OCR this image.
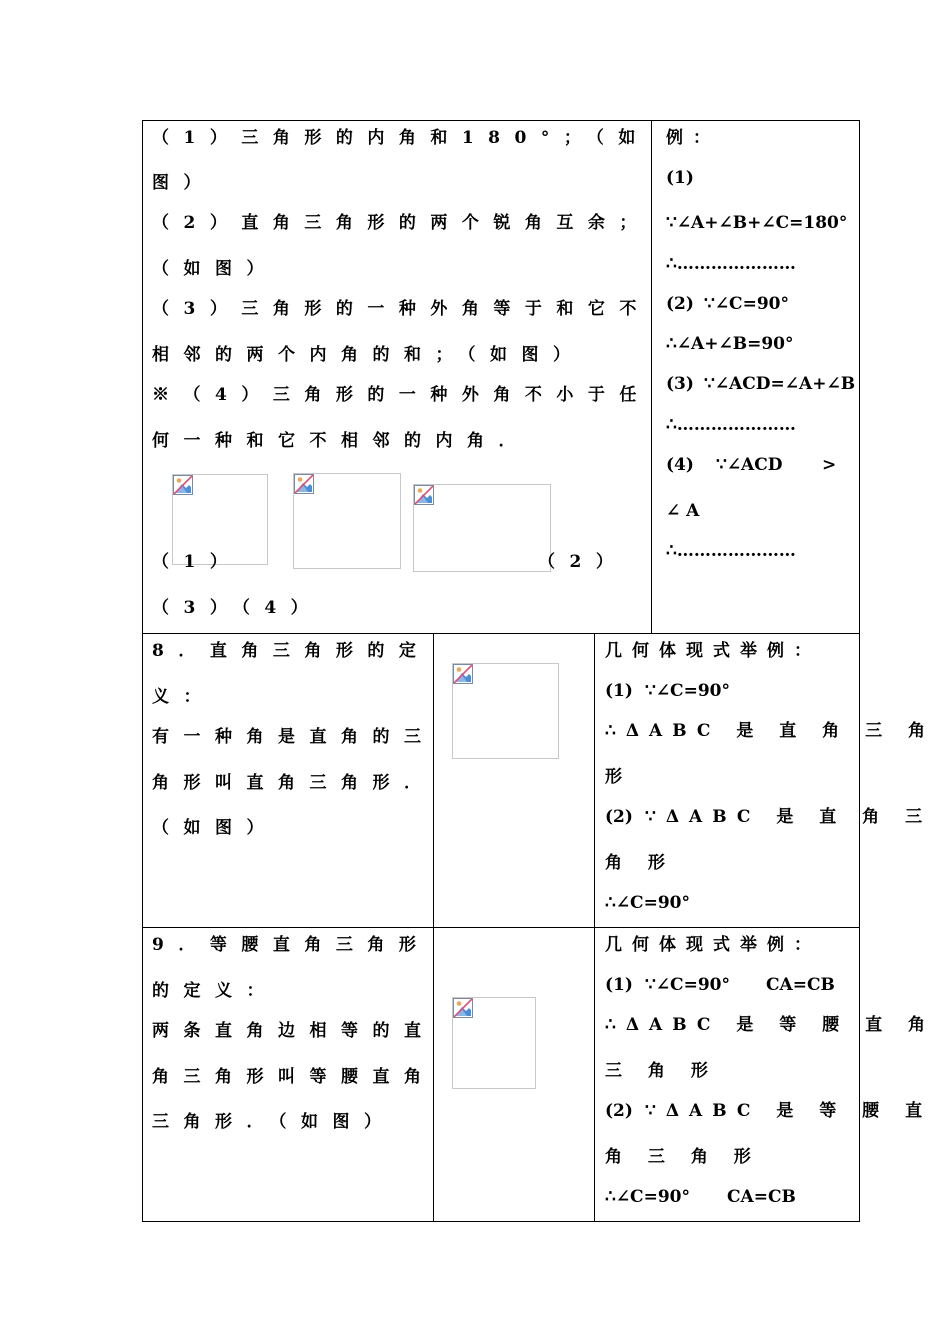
（1）三角形的内角和180°；（如
图）
（2）直角三角形的两个锐角互余；
（如图）
（3）三角形的一种外角等于和它不
相邻的两个内角的和；（如图）
※（4）三角形的一种外角不小于任
何一种和它不相邻的内角．
（1）	（2）
（3）（4）
例：
(1)
∵∠A+∠B+∠C=180°
∴…………………
(2) ∵∠C=90°
∴∠A+∠B=90°
(3) ∵∠ACD=∠A+∠B
∴…………………
(4) ∵∠ACD >
∠ A
∴…………………
8．直角三角形的定
义：
有一种角是直角的三
角形叫直角三角形．
（如图）
几何体现式举例：
(1) ∵∠C=90°
∴ΔABC 是 直 角 三 角
形
(2) ∵ΔABC 是 直 角 三
角 形
∴∠C=90°
9．等腰直角三角形
的定义：
两条直角边相等的直
角三角形叫等腰直角
三角形．（如图）
几何体现式举例：
(1) ∵∠C=90° CA=CB
∴ΔABC 是 等 腰 直 角
三 角 形
(2) ∵ΔABC 是 等 腰 直
角 三 角 形
∴∠C=90° CA=CB
